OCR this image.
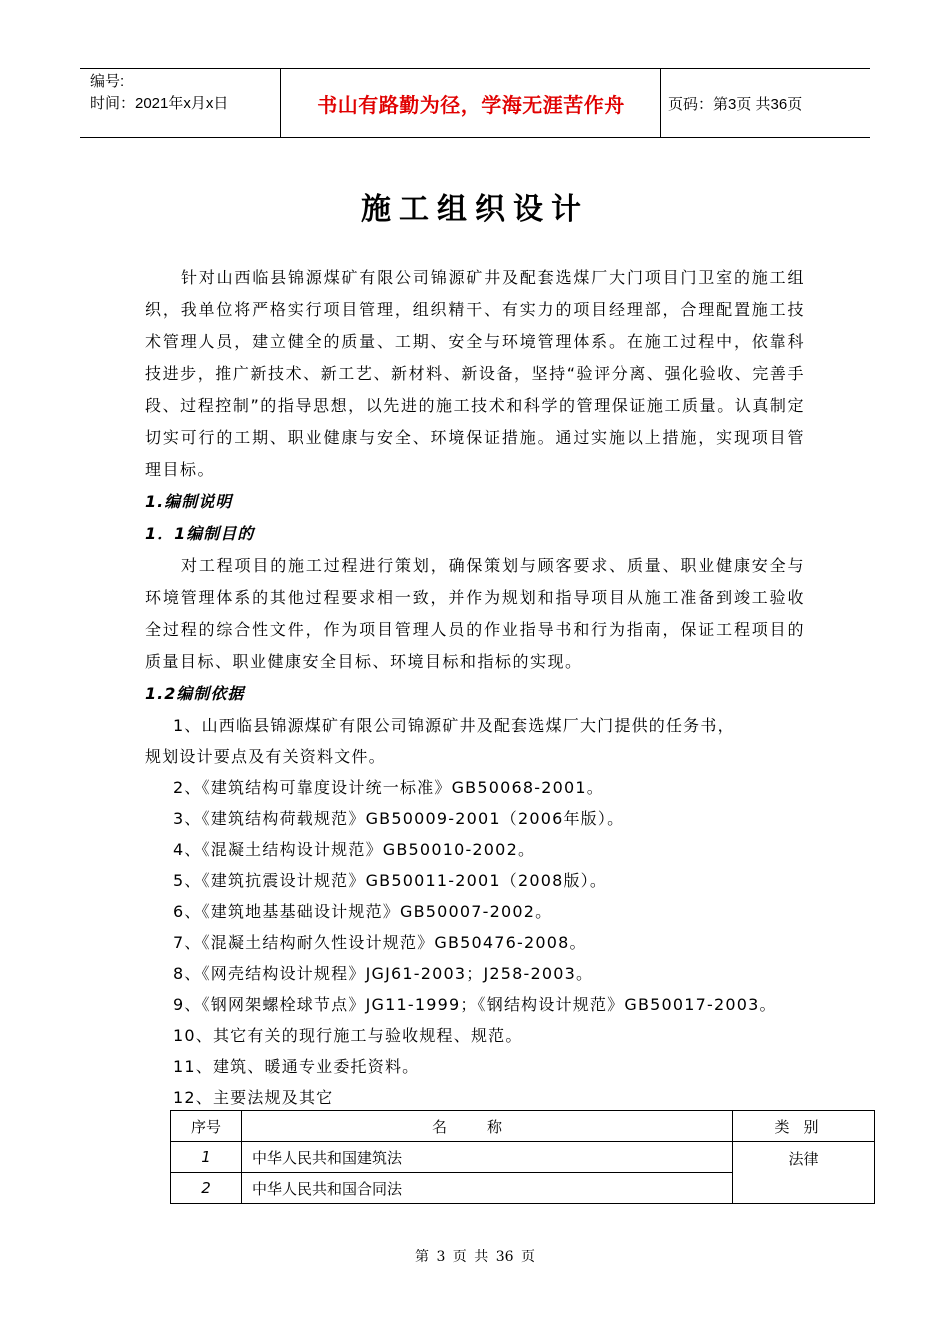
编号:
时间：2021年x月x日	书山有路勤为径，学海无涯苦作舟	页码：第3页 共36页
施工组织设计

针对山西临县锦源煤矿有限公司锦源矿井及配套选煤厂大门项目门卫室的施工组织，我单位将严格实行项目管理，组织精干、有实力的项目经理部，合理配置施工技术管理人员，建立健全的质量、工期、安全与环境管理体系。在施工过程中，依靠科技进步，推广新技术、新工艺、新材料、新设备，坚持“验评分离、强化验收、完善手段、过程控制”的指导思想，以先进的施工技术和科学的管理保证施工质量。认真制定切实可行的工期、职业健康与安全、环境保证措施。通过实施以上措施，实现项目管理目标。

1.编制说明

1．1编制目的

对工程项目的施工过程进行策划，确保策划与顾客要求、质量、职业健康安全与环境管理体系的其他过程要求相一致，并作为规划和指导项目从施工准备到竣工验收全过程的综合性文件，作为项目管理人员的作业指导书和行为指南，保证工程项目的质量目标、职业健康安全目标、环境目标和指标的实现。

1.2编制依据

1、山西临县锦源煤矿有限公司锦源矿井及配套选煤厂大门提供的任务书，

规划设计要点及有关资料文件。

2、《建筑结构可靠度设计统一标准》GB50068-2001。

3、《建筑结构荷载规范》GB50009-2001（2006年版）。

4、《混凝土结构设计规范》GB50010-2002。

5、《建筑抗震设计规范》GB50011-2001（2008版）。

6、《建筑地基基础设计规范》GB50007-2002。

7、《混凝土结构耐久性设计规范》GB50476-2008。

8、《网壳结构设计规程》JGJ61-2003；J258-2003。

9、《钢网架螺栓球节点》JG11-1999；《钢结构设计规范》GB50017-2003。

10、其它有关的现行施工与验收规程、规范。

11、建筑、暖通专业委托资料。

12、主要法规及其它

序号	名称	类别
1	中华人民共和国建筑法	法律
2	中华人民共和国合同法	
第 3 页 共 36 页
